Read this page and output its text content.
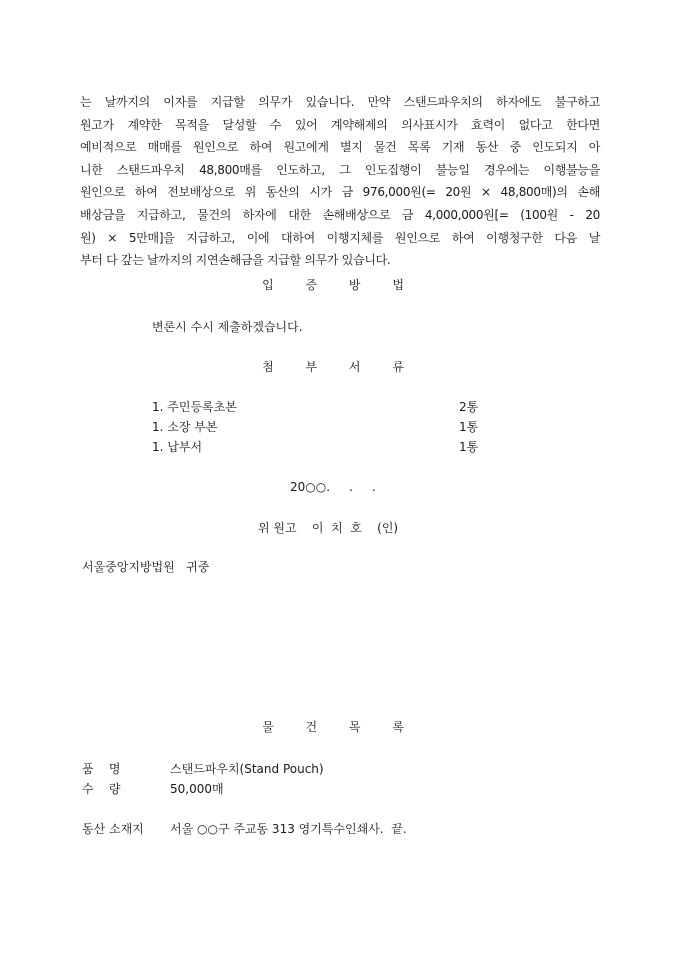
는 날까지의 이자를 지급할 의무가 있습니다. 만약 스탠드파우치의 하자에도 불구하고
원고가 계약한 목적을 달성할 수 있어 계약해제의 의사표시가 효력이 없다고 한다면
예비적으로 매매를 원인으로 하여 원고에게 별지 물건 목록 기재 동산 중 인도되지 아
니한 스탠드파우치 48,800매를 인도하고, 그 인도집행이 불능일 경우에는 이행불능을
원인으로 하여 전보배상으로 위 동산의 시가 금 976,000원(= 20원 × 48,800매)의 손해
배상금을 지급하고, 물건의 하자에 대한 손해배상으로 금 4,000,000원[= (100원 - 20
원) × 5만매]을 지급하고, 이에 대하여 이행지체를 원인으로 하여 이행청구한 다음 날
부터 다 갚는 날까지의 지연손해금을 지급할 의무가 있습니다.
입 증 방 법
변론시 수시 제출하겠습니다.
첨 부 서 류
1. 주민등록초본	2통
1. 소장 부본	1통
1. 납부서	1통
20○○.     .     .
위 원고    이  치  호    (인)
서울중앙지방법원   귀중
물 건 목 록
품    명	스탠드파우치(Stand Pouch)
수    량	50,000매
동산 소재지 서울 ○○구 주교동 313 영기특수인쇄사.  끝.
